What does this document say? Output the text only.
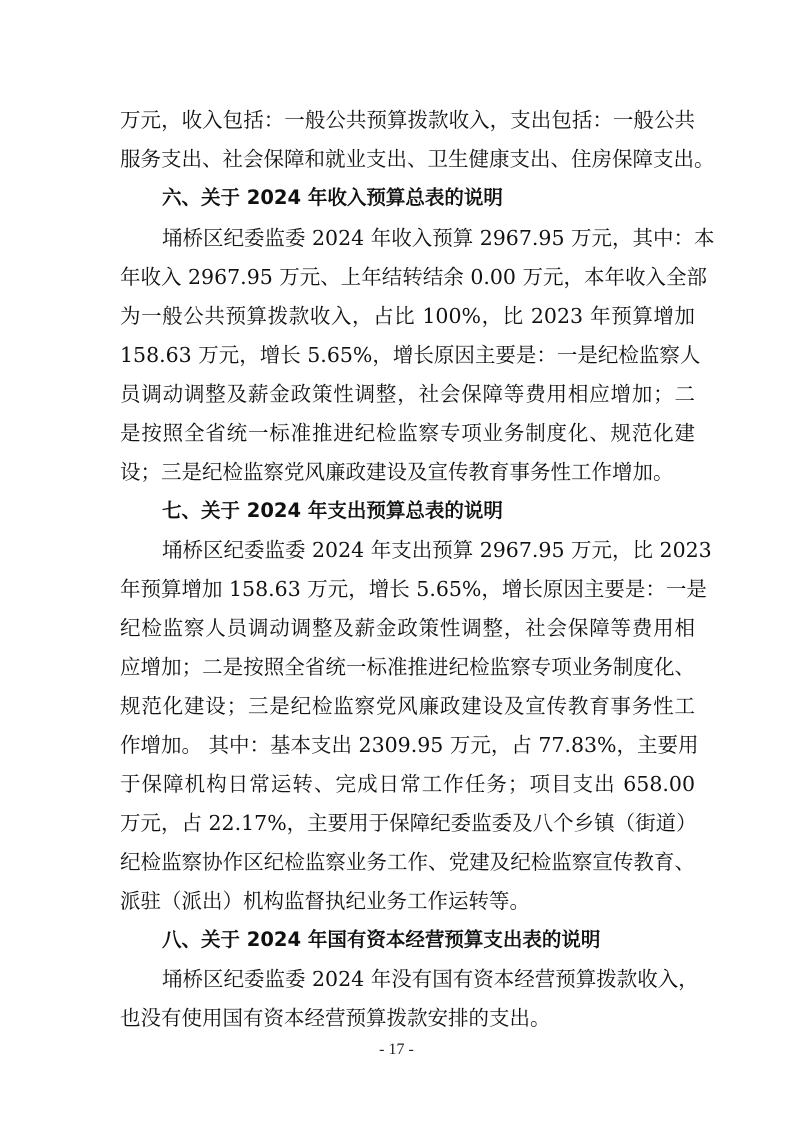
万元，收入包括：一般公共预算拨款收入，支出包括：一般公共
服务支出、社会保障和就业支出、卫生健康支出、住房保障支出。
六、关于 2024 年收入预算总表的说明
埇桥区纪委监委 2024 年收入预算 2967.95 万元，其中：本
年收入 2967.95 万元、上年结转结余 0.00 万元，本年收入全部
为一般公共预算拨款收入，占比 100%，比 2023 年预算增加
158.63 万元，增长 5.65%，增长原因主要是：一是纪检监察人
员调动调整及薪金政策性调整，社会保障等费用相应增加；二
是按照全省统一标准推进纪检监察专项业务制度化、规范化建
设；三是纪检监察党风廉政建设及宣传教育事务性工作增加。
七、关于 2024 年支出预算总表的说明
埇桥区纪委监委 2024 年支出预算 2967.95 万元，比 2023
年预算增加 158.63 万元，增长 5.65%，增长原因主要是：一是
纪检监察人员调动调整及薪金政策性调整，社会保障等费用相
应增加；二是按照全省统一标准推进纪检监察专项业务制度化、
规范化建设；三是纪检监察党风廉政建设及宣传教育事务性工
作增加。 其中：基本支出 2309.95 万元，占 77.83%，主要用
于保障机构日常运转、完成日常工作任务；项目支出 658.00
万元，占 22.17%，主要用于保障纪委监委及八个乡镇（街道）
纪检监察协作区纪检监察业务工作、党建及纪检监察宣传教育、
派驻（派出）机构监督执纪业务工作运转等。
八、关于 2024 年国有资本经营预算支出表的说明
埇桥区纪委监委 2024 年没有国有资本经营预算拨款收入，
也没有使用国有资本经营预算拨款安排的支出。
- 17 -
